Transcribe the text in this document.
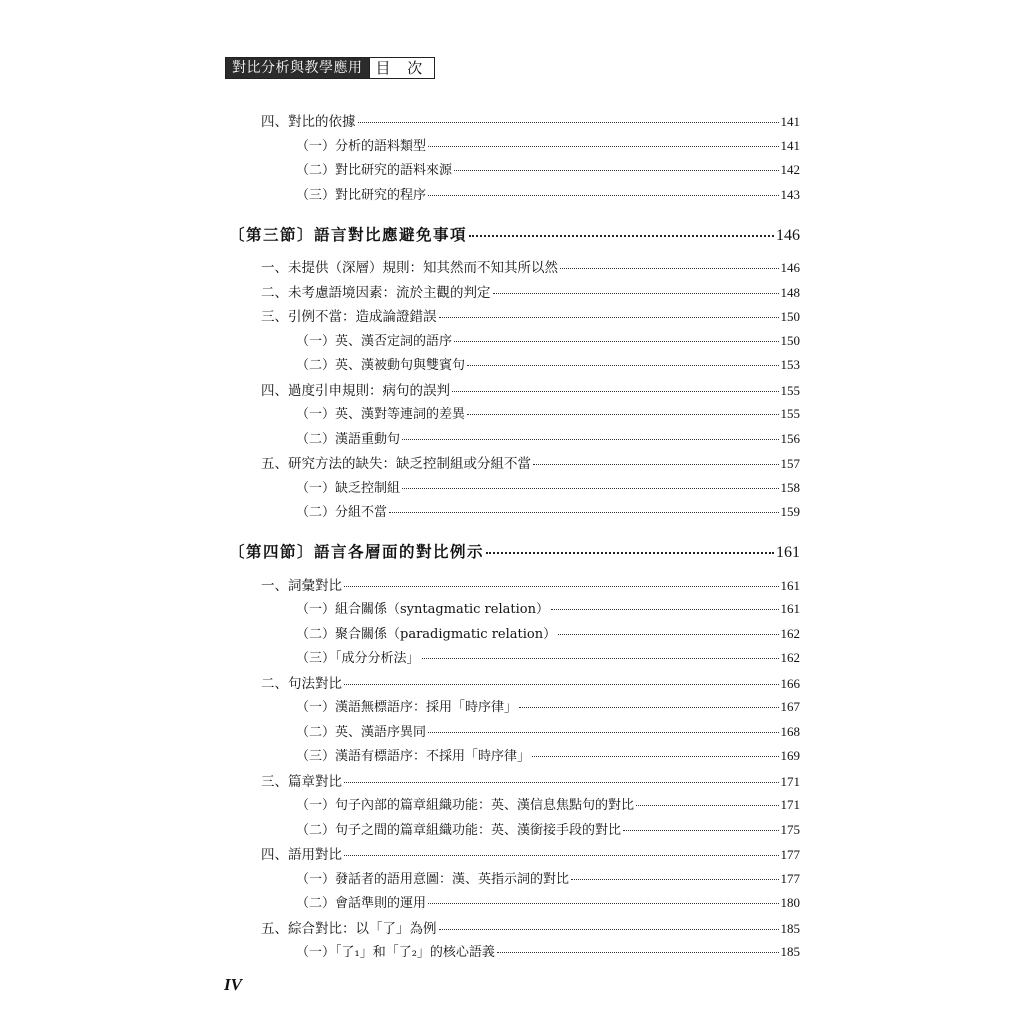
對比分析與教學應用 目 次
四、對比的依據	141
（一）分析的語料類型	141
（二）對比研究的語料來源	142
（三）對比研究的程序	143
〔第三節〕語言對比應避免事項	146
一、未提供（深層）規則：知其然而不知其所以然	146
二、未考慮語境因素：流於主觀的判定	148
三、引例不當：造成論證錯誤	150
（一）英、漢否定詞的語序	150
（二）英、漢被動句與雙賓句	153
四、過度引申規則：病句的誤判	155
（一）英、漢對等連詞的差異	155
（二）漢語重動句	156
五、研究方法的缺失：缺乏控制組或分組不當	157
（一）缺乏控制組	158
（二）分組不當	159
〔第四節〕語言各層面的對比例示	161
一、詞彙對比	161
（一）組合關係（syntagmatic relation）	161
（二）聚合關係（paradigmatic relation）	162
（三）「成分分析法」	162
二、句法對比	166
（一）漢語無標語序：採用「時序律」	167
（二）英、漢語序異同	168
（三）漢語有標語序：不採用「時序律」	169
三、篇章對比	171
（一）句子內部的篇章組織功能：英、漢信息焦點句的對比	171
（二）句子之間的篇章組織功能：英、漢銜接手段的對比	175
四、語用對比	177
（一）發話者的語用意圖：漢、英指示詞的對比	177
（二）會話準則的運用	180
五、綜合對比：以「了」為例	185
（一）「了₁」和「了₂」的核心語義	185
IV
